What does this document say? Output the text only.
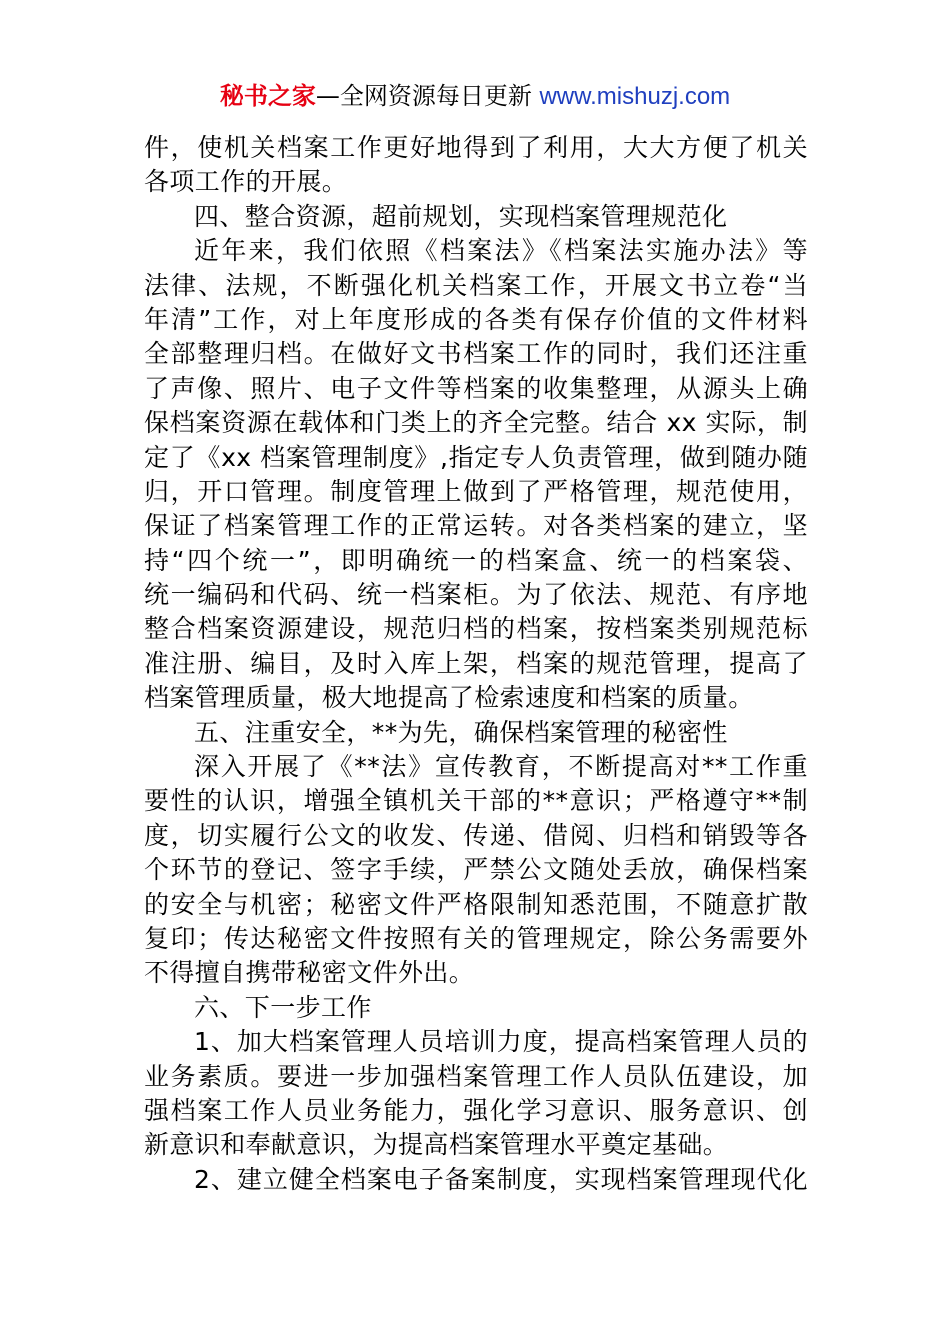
秘书之家—全网资源每日更新 www.mishuzj.com
件，使机关档案工作更好地得到了利用，大大方便了机关
各项工作的开展。
四、整合资源，超前规划，实现档案管理规范化
近年来，我们依照《档案法》《档案法实施办法》等
法律、法规，不断强化机关档案工作，开展文书立卷“当
年清”工作，对上年度形成的各类有保存价值的文件材料
全部整理归档。在做好文书档案工作的同时，我们还注重
了声像、照片、电子文件等档案的收集整理，从源头上确
保档案资源在载体和门类上的齐全完整。结合 xx 实际，制
定了《xx 档案管理制度》,指定专人负责管理，做到随办随
归，开口管理。制度管理上做到了严格管理，规范使用，
保证了档案管理工作的正常运转。对各类档案的建立，坚
持“四个统一”，即明确统一的档案盒、统一的档案袋、
统一编码和代码、统一档案柜。为了依法、规范、有序地
整合档案资源建设，规范归档的档案，按档案类别规范标
准注册、编目，及时入库上架，档案的规范管理，提高了
档案管理质量，极大地提高了检索速度和档案的质量。
五、注重安全，**为先，确保档案管理的秘密性
深入开展了《**法》宣传教育，不断提高对**工作重
要性的认识，增强全镇机关干部的**意识；严格遵守**制
度，切实履行公文的收发、传递、借阅、归档和销毁等各
个环节的登记、签字手续，严禁公文随处丢放，确保档案
的安全与机密；秘密文件严格限制知悉范围，不随意扩散
复印；传达秘密文件按照有关的管理规定，除公务需要外
不得擅自携带秘密文件外出。
六、下一步工作
1、加大档案管理人员培训力度，提高档案管理人员的
业务素质。要进一步加强档案管理工作人员队伍建设，加
强档案工作人员业务能力，强化学习意识、服务意识、创
新意识和奉献意识，为提高档案管理水平奠定基础。
2、建立健全档案电子备案制度，实现档案管理现代化
